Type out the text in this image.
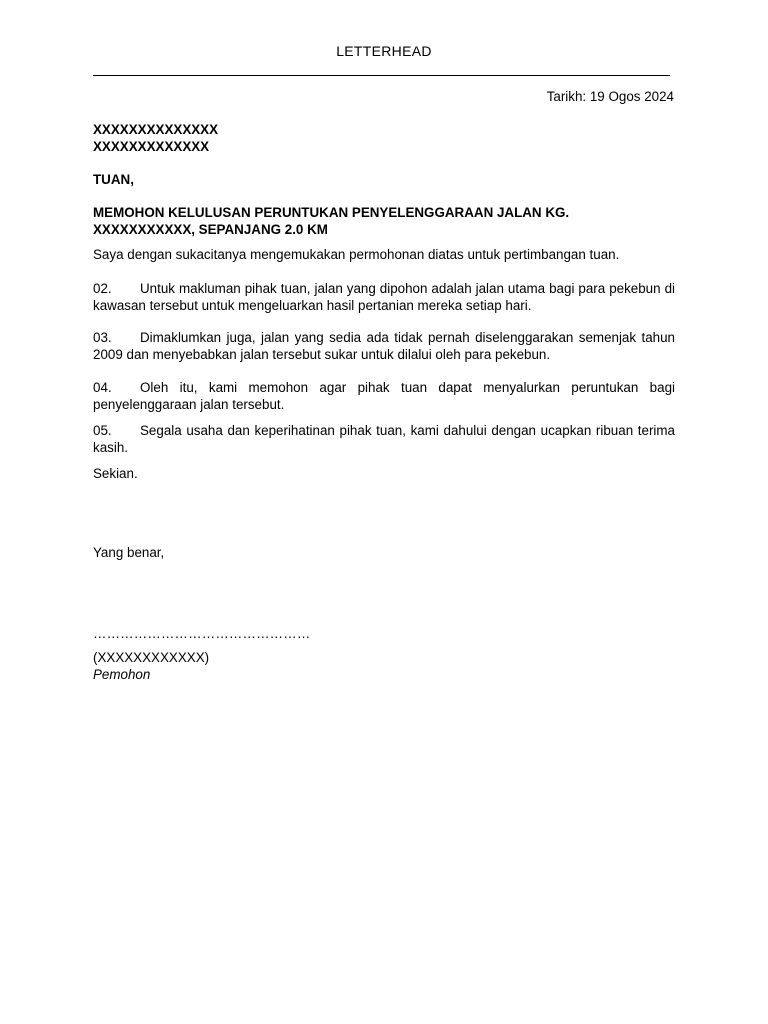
LETTERHEAD
Tarikh: 19 Ogos 2024
XXXXXXXXXXXXXX
XXXXXXXXXXXXX
TUAN,
MEMOHON KELULUSAN PERUNTUKAN PENYELENGGARAAN JALAN KG.
XXXXXXXXXXX, SEPANJANG 2.0 KM

Saya dengan sukacitanya mengemukakan permohonan diatas untuk pertimbangan tuan.

02. Untuk makluman pihak tuan, jalan yang dipohon adalah jalan utama bagi para pekebun di kawasan tersebut untuk mengeluarkan hasil pertanian mereka setiap hari.

03. Dimaklumkan juga, jalan yang sedia ada tidak pernah diselenggarakan semenjak tahun 2009 dan menyebabkan jalan tersebut sukar untuk dilalui oleh para pekebun.

04. Oleh itu, kami memohon agar pihak tuan dapat menyalurkan peruntukan bagi penyelenggaraan jalan tersebut.

05. Segala usaha dan keperihatinan pihak tuan, kami dahului dengan ucapkan ribuan terima kasih.

Sekian.
Yang benar,
…………………………………………
(XXXXXXXXXXXX)
Pemohon
